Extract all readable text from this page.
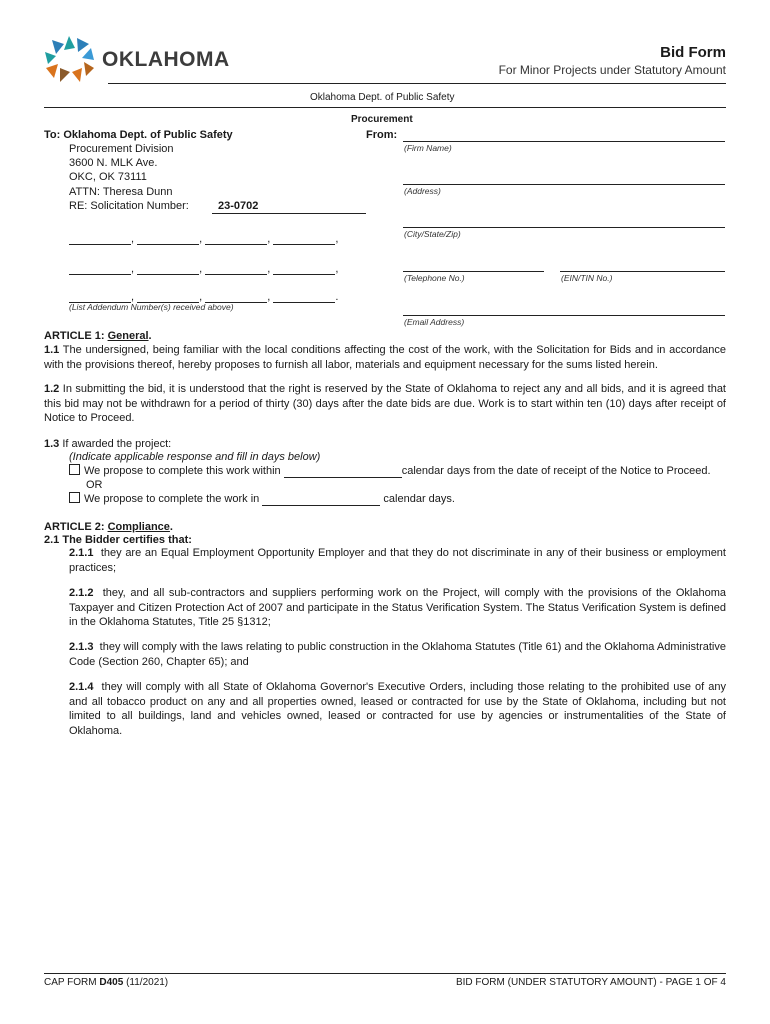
OKLAHOMA	Bid Form
For Minor Projects under Statutory Amount
Oklahoma Dept. of Public Safety
Procurement
To: Oklahoma Dept. of Public Safety
Procurement Division
3600 N. MLK Ave.
OKC, OK 73111
ATTN: Theresa Dunn
RE: Solicitation Number:	23-0702
,	,	,	,
,	,	,	,
,	,	,	.
(List Addendum Number(s) received above)
From:
(Firm Name)
(Address)
(City/State/Zip)
(Telephone No.)	(EIN/TIN No.)
(Email Address)
ARTICLE 1: General.
1.1 The undersigned, being familiar with the local conditions affecting the cost of the work, with the Solicitation for Bids and in accordance with the provisions thereof, hereby proposes to furnish all labor, materials and equipment necessary for the sums listed herein.
1.2 In submitting the bid, it is understood that the right is reserved by the State of Oklahoma to reject any and all bids, and it is agreed that this bid may not be withdrawn for a period of thirty (30) days after the date bids are due. Work is to start within ten (10) days after receipt of Notice to Proceed.
1.3 If awarded the project:
(Indicate applicable response and fill in days below)
We propose to complete this work within	calendar days from the date of receipt of the Notice to Proceed.
OR
We propose to complete the work in	calendar days.
ARTICLE 2: Compliance.
2.1 The Bidder certifies that:
2.1.1 they are an Equal Employment Opportunity Employer and that they do not discriminate in any of their business or employment practices;
2.1.2 they, and all sub-contractors and suppliers performing work on the Project, will comply with the provisions of the Oklahoma Taxpayer and Citizen Protection Act of 2007 and participate in the Status Verification System. The Status Verification System is defined in the Oklahoma Statutes, Title 25 §1312;
2.1.3 they will comply with the laws relating to public construction in the Oklahoma Statutes (Title 61) and the Oklahoma Administrative Code (Section 260, Chapter 65); and
2.1.4 they will comply with all State of Oklahoma Governor's Executive Orders, including those relating to the prohibited use of any and all tobacco product on any and all properties owned, leased or contracted for use by the State of Oklahoma, including but not limited to all buildings, land and vehicles owned, leased or contracted for use by agencies or instrumentalities of the State of Oklahoma.
CAP FORM D405 (11/2021)	BID FORM (UNDER STATUTORY AMOUNT) - PAGE 1 OF 4
